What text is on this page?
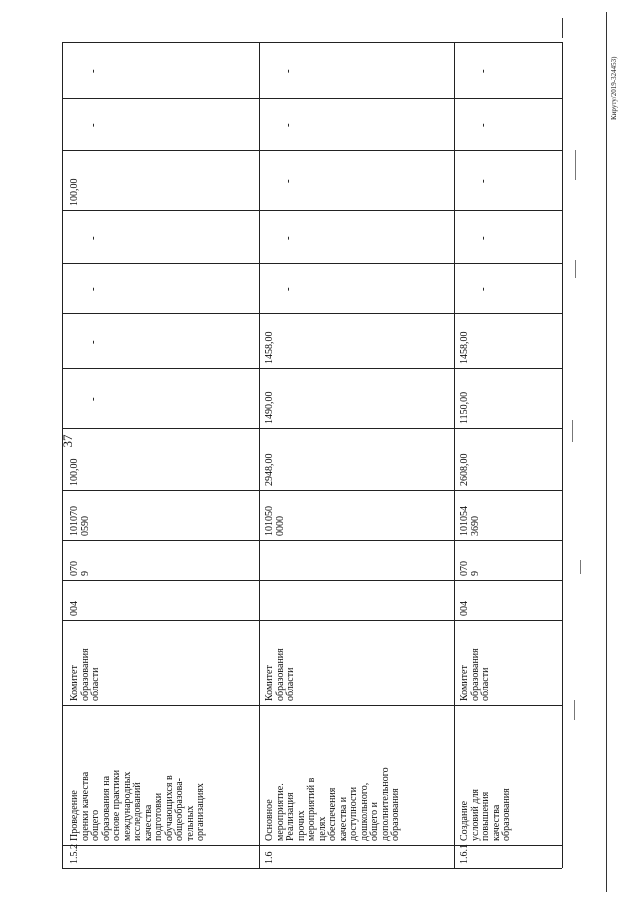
37
1.5.2
Проведение
оценки качества
общего
образования на
основе практики
международных
исследований
качества
подготовки
обучающихся в
общеобразова-
тельных
организациях
Комитет
образования
области
004
070
9
101070
0590
100,00
-
-
-
-
100,00
-
-
1.6
Основное
мероприятие.
Реализация
прочих
мероприятий в
целях
обеспечения
качества и
доступности
дошкольного,
общего и
дополнительного
образования
Комитет
образования
области
101050
0000
2948,00
1490,00
1458,00
-
-
-
-
-
1.6.1
Создание
условий для
повышения
качества
образования
Комитет
образования
области
004
070
9
101054
3690
2608,00
1150,00
1458,00
-
-
-
-
-	Кируту/2019-324453)
